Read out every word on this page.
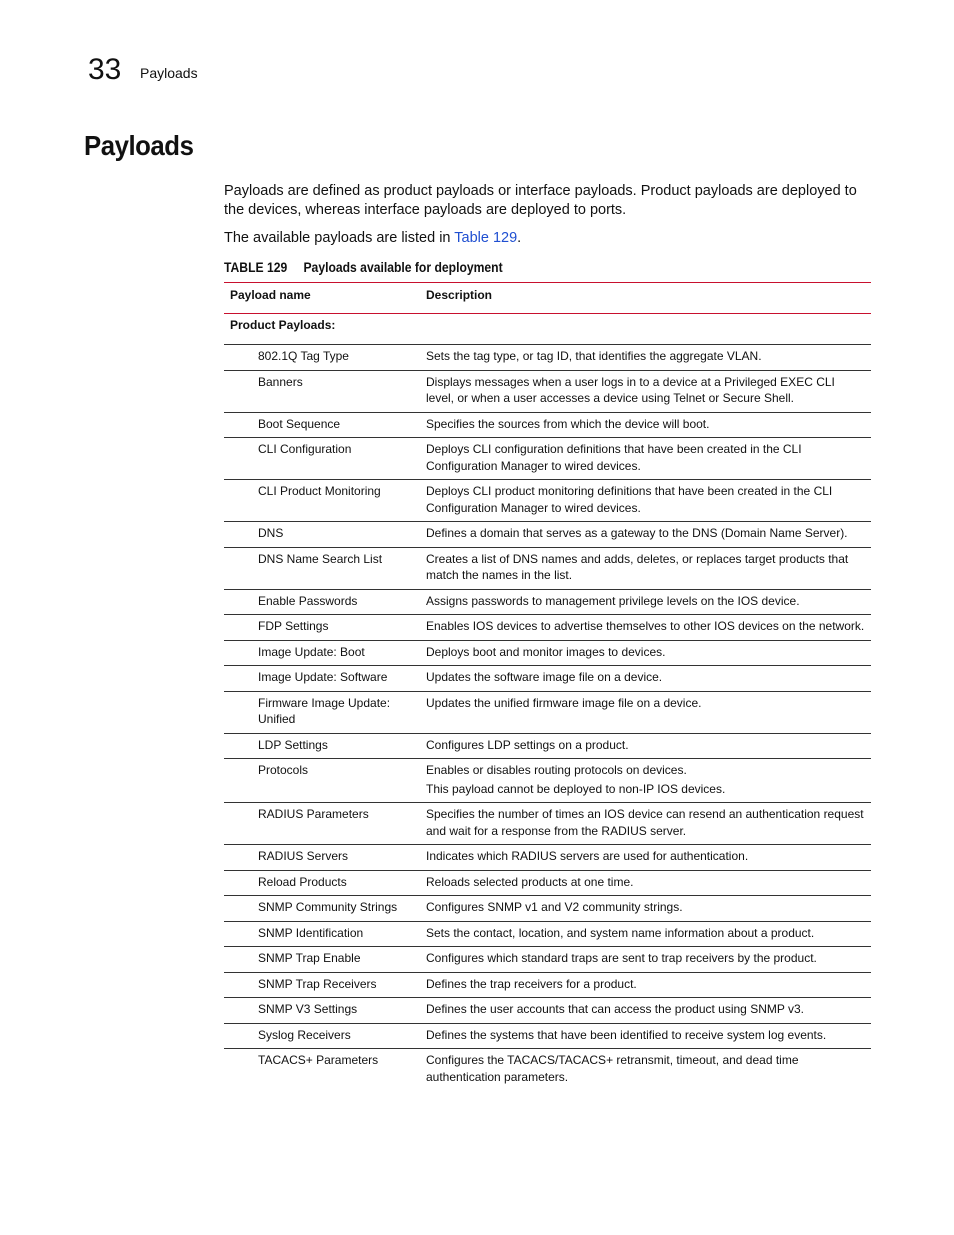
33 Payloads
Payloads

Payloads are defined as product payloads or interface payloads. Product payloads are deployed to the devices, whereas interface payloads are deployed to ports.

The available payloads are listed in Table 129.

TABLE 129 Payloads available for deployment
Payload name	Description
Product Payloads:	
802.1Q Tag Type	Sets the tag type, or tag ID, that identifies the aggregate VLAN.
Banners	Displays messages when a user logs in to a device at a Privileged EXEC CLI level, or when a user accesses a device using Telnet or Secure Shell.
Boot Sequence	Specifies the sources from which the device will boot.
CLI Configuration	Deploys CLI configuration definitions that have been created in the CLI Configuration Manager to wired devices.
CLI Product Monitoring	Deploys CLI product monitoring definitions that have been created in the CLI Configuration Manager to wired devices.
DNS	Defines a domain that serves as a gateway to the DNS (Domain Name Server).
DNS Name Search List	Creates a list of DNS names and adds, deletes, or replaces target products that match the names in the list.
Enable Passwords	Assigns passwords to management privilege levels on the IOS device.
FDP Settings	Enables IOS devices to advertise themselves to other IOS devices on the network.
Image Update: Boot	Deploys boot and monitor images to devices.
Image Update: Software	Updates the software image file on a device.
Firmware Image Update: Unified	Updates the unified firmware image file on a device.
LDP Settings	Configures LDP settings on a product.
Protocols	Enables or disables routing protocols on devices.
This payload cannot be deployed to non-IP IOS devices.

RADIUS Parameters	Specifies the number of times an IOS device can resend an authentication request and wait for a response from the RADIUS server.
RADIUS Servers	Indicates which RADIUS servers are used for authentication.
Reload Products	Reloads selected products at one time.
SNMP Community Strings	Configures SNMP v1 and V2 community strings.
SNMP Identification	Sets the contact, location, and system name information about a product.
SNMP Trap Enable	Configures which standard traps are sent to trap receivers by the product.
SNMP Trap Receivers	Defines the trap receivers for a product.
SNMP V3 Settings	Defines the user accounts that can access the product using SNMP v3.
Syslog Receivers	Defines the systems that have been identified to receive system log events.
TACACS+ Parameters	Configures the TACACS/TACACS+ retransmit, timeout, and dead time authentication parameters.
